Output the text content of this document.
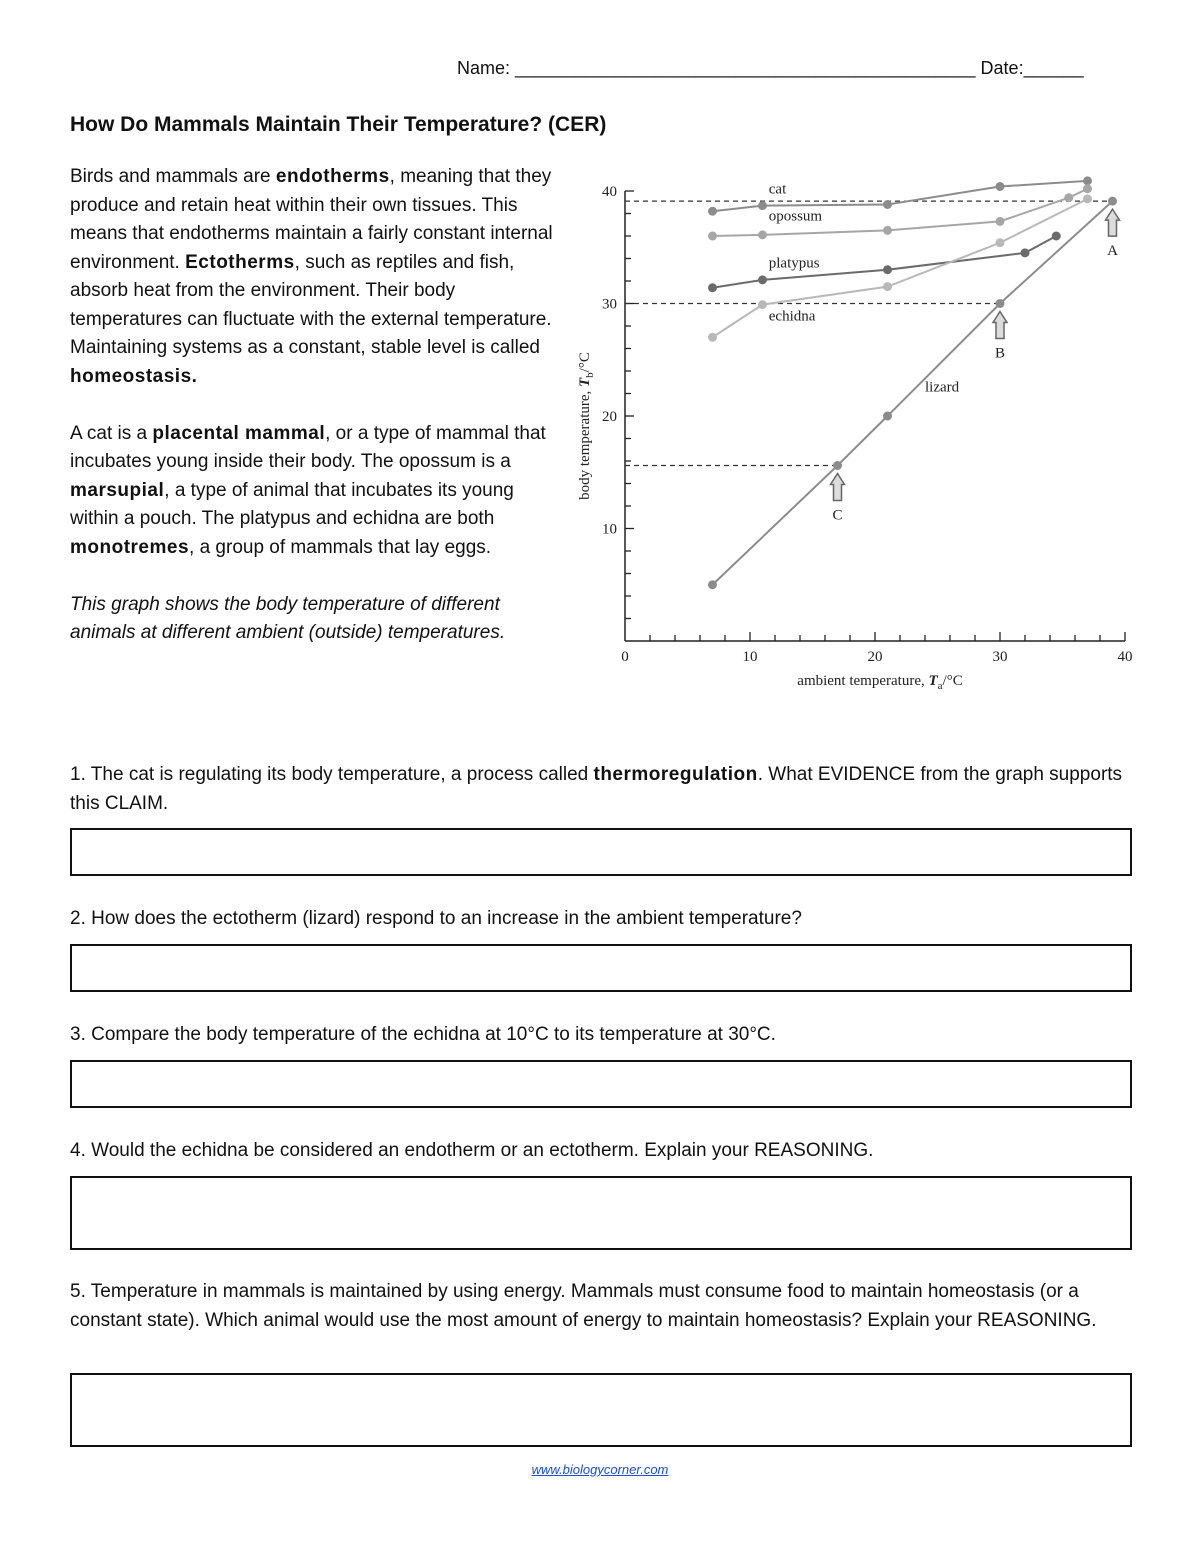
Name: ______________________________________________ Date:______
How Do Mammals Maintain Their Temperature? (CER)

Birds and mammals are endotherms, meaning that they produce and retain heat within their own tissues. This means that endotherms maintain a fairly constant internal environment. Ectotherms, such as reptiles and fish, absorb heat from the environment. Their body temperatures can fluctuate with the external temperature. Maintaining systems as a constant, stable level is called homeostasis.

A cat is a placental mammal, or a type of mammal that incubates young inside their body. The opossum is a marsupial, a type of animal that incubates its young within a pouch. The platypus and echidna are both monotremes, a group of mammals that lay eggs.

This graph shows the body temperature of different animals at different ambient (outside) temperatures.

0	10	20	30	40
10
20
30
40
ambient temperature, $T_a/^\circ C$
body temperature, $T_b/^\circ C$
cat
opossum
platypus
echidna
lizard
A
B
C
1. The cat is regulating its body temperature, a process called thermoregulation. What EVIDENCE from the graph supports this CLAIM.
2. How does the ectotherm (lizard) respond to an increase in the ambient temperature?
3. Compare the body temperature of the echidna at 10°C to its temperature at 30°C.
4. Would the echidna be considered an endotherm or an ectotherm. Explain your REASONING.
5. Temperature in mammals is maintained by using energy. Mammals must consume food to maintain homeostasis (or a constant state). Which animal would use the most amount of energy to maintain homeostasis? Explain your REASONING.
www.biologycorner.com
